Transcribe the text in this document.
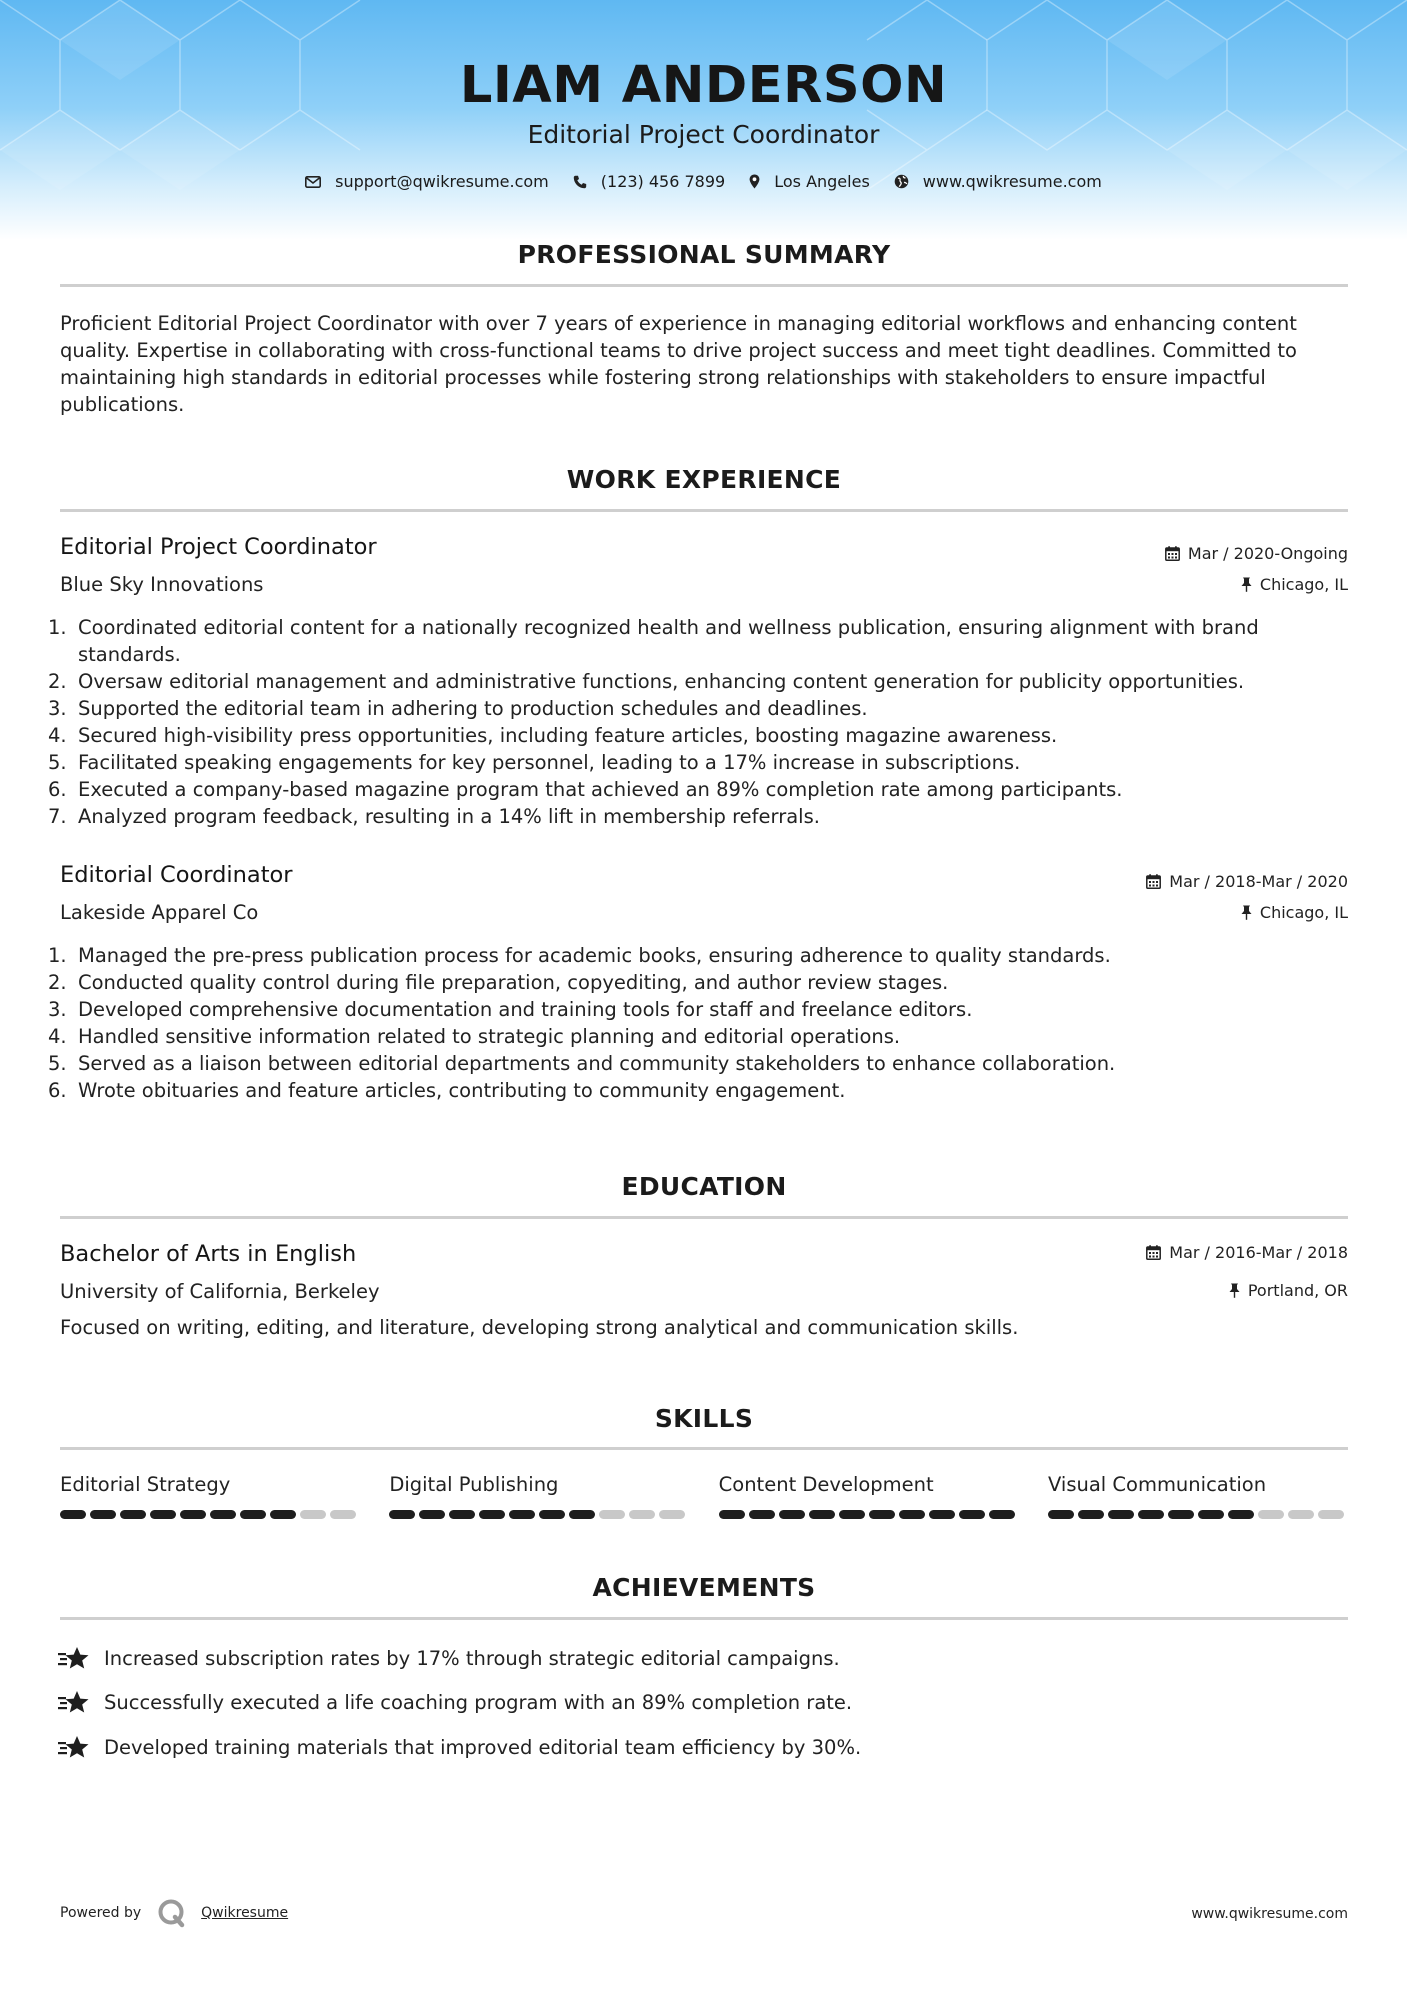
LIAM ANDERSON
Editorial Project Coordinator
support@qwikresume.com	(123) 456 7899	Los Angeles	www.qwikresume.com
PROFESSIONAL SUMMARY
Proficient Editorial Project Coordinator with over 7 years of experience in managing editorial workflows and enhancing content quality. Expertise in collaborating with cross-functional teams to drive project success and meet tight deadlines. Committed to maintaining high standards in editorial processes while fostering strong relationships with stakeholders to ensure impactful publications.
WORK EXPERIENCE
Editorial Project Coordinator	Mar / 2020-Ongoing
Blue Sky Innovations	Chicago, IL
1. Coordinated editorial content for a nationally recognized health and wellness publication, ensuring alignment with brand standards.
2. Oversaw editorial management and administrative functions, enhancing content generation for publicity opportunities.
3. Supported the editorial team in adhering to production schedules and deadlines.
4. Secured high-visibility press opportunities, including feature articles, boosting magazine awareness.
5. Facilitated speaking engagements for key personnel, leading to a 17% increase in subscriptions.
6. Executed a company-based magazine program that achieved an 89% completion rate among participants.
7. Analyzed program feedback, resulting in a 14% lift in membership referrals.
Editorial Coordinator	Mar / 2018-Mar / 2020
Lakeside Apparel Co	Chicago, IL
1. Managed the pre-press publication process for academic books, ensuring adherence to quality standards.
2. Conducted quality control during file preparation, copyediting, and author review stages.
3. Developed comprehensive documentation and training tools for staff and freelance editors.
4. Handled sensitive information related to strategic planning and editorial operations.
5. Served as a liaison between editorial departments and community stakeholders to enhance collaboration.
6. Wrote obituaries and feature articles, contributing to community engagement.
EDUCATION
Bachelor of Arts in English	Mar / 2016-Mar / 2018
University of California, Berkeley	Portland, OR
Focused on writing, editing, and literature, developing strong analytical and communication skills.
SKILLS
Editorial Strategy	Digital Publishing	Content Development	Visual Communication
ACHIEVEMENTS
Increased subscription rates by 17% through strategic editorial campaigns.
Successfully executed a life coaching program with an 89% completion rate.
Developed training materials that improved editorial team efficiency by 30%.
Powered by	Qwikresume	www.qwikresume.com
